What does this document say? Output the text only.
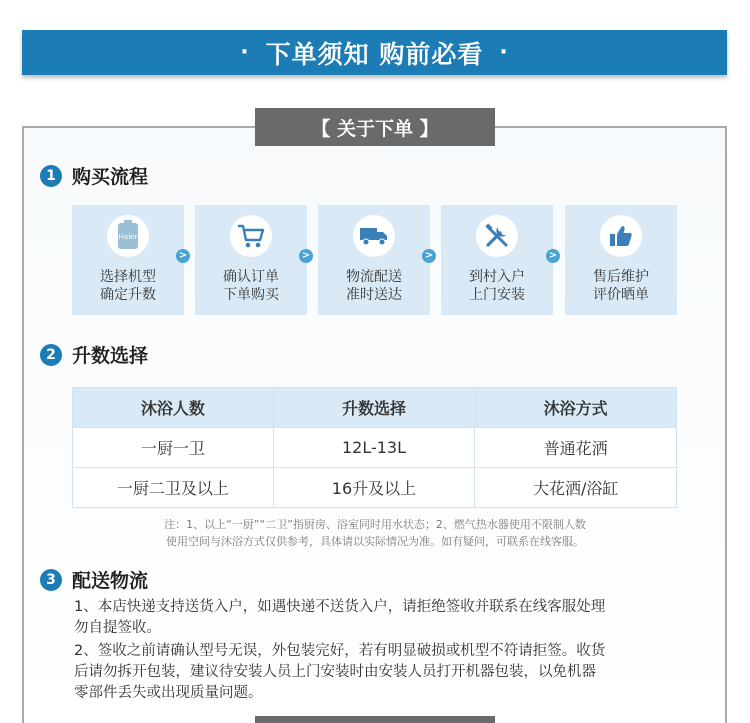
· 下单须知 购前必看 ·
【 关于下单 】
1 购买流程
Haier
选择机型
确定升数
>
确认订单
下单购买
>
物流配送
准时送达
>
到村入户
上门安装
>
售后维护
评价晒单
2 升数选择
沐浴人数	升数选择	沐浴方式
一厨一卫	12L-13L	普通花洒
一厨二卫及以上	16升及以上	大花洒/浴缸
注：1、以上“一厨”“二卫”指厨房、浴室同时用水状态；2、燃气热水器使用不限制人数
使用空间与沐浴方式仅供参考，具体请以实际情况为准。如有疑问，可联系在线客服。
3 配送物流
1、本店快递支持送货入户，如遇快递不送货入户，请拒绝签收并联系在线客服处理
勿自提签收。
2、签收之前请确认型号无误，外包装完好，若有明显破损或机型不符请拒签。收货
后请勿拆开包装，建议待安装人员上门安装时由安装人员打开机器包装，以免机器
零部件丢失或出现质量问题。
